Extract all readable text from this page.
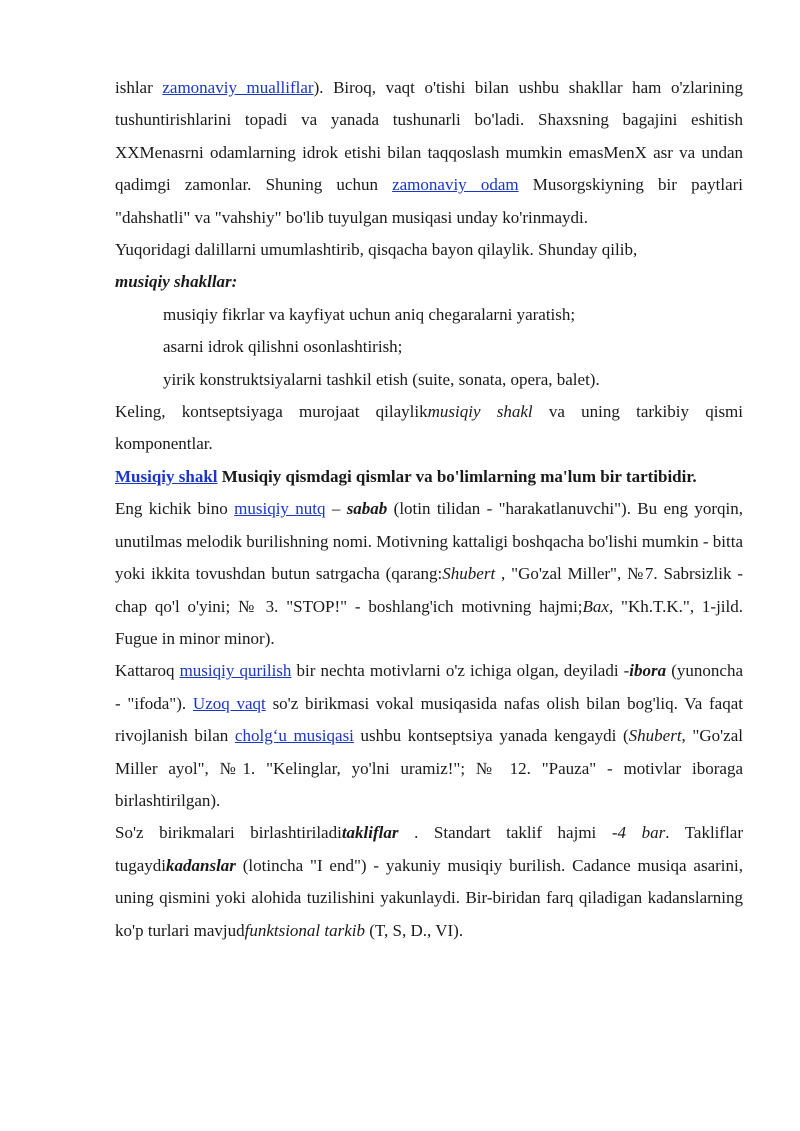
ishlar zamonaviy mualliflar). Biroq, vaqt o'tishi bilan ushbu shakllar ham o'zlarining tushuntirishlarini topadi va yanada tushunarli bo'ladi. Shaxsning bagajini eshitish XXMenasrni odamlarning idrok etishi bilan taqqoslash mumkin emasMenX asr va undan qadimgi zamonlar. Shuning uchun zamonaviy odam Musorgskiyning bir paytlari "dahshatli" va "vahshiy" bo'lib tuyulgan musiqasi unday ko'rinmaydi.

Yuqoridagi dalillarni umumlashtirib, qisqacha bayon qilaylik. Shunday qilib,

musiqiy shakllar:

musiqiy fikrlar va kayfiyat uchun aniq chegaralarni yaratish;

asarni idrok qilishni osonlashtirish;

yirik konstruktsiyalarni tashkil etish (suite, sonata, opera, balet).

Keling, kontseptsiyaga murojaat qilaylikmusiqiy shakl va uning tarkibiy qismi komponentlar.

Musiqiy shakl Musiqiy qismdagi qismlar va bo'limlarning ma'lum bir tartibidir.

Eng kichik bino musiqiy nutq – sabab (lotin tilidan - "harakatlanuvchi"). Bu eng yorqin, unutilmas melodik burilishning nomi. Motivning kattaligi boshqacha bo'lishi mumkin - bitta yoki ikkita tovushdan butun satrgacha (qarang:Shubert , "Go'zal Miller", №7. Sabrsizlik - chap qo'l o'yini; № 3. "STOP!" - boshlang'ich motivning hajmi;Bax, "Kh.T.K.", 1-jild. Fugue in minor minor).

Kattaroq musiqiy qurilish bir nechta motivlarni o'z ichiga olgan, deyiladi -ibora (yunoncha - "ifoda"). Uzoq vaqt so'z birikmasi vokal musiqasida nafas olish bilan bog'liq. Va faqat rivojlanish bilan cholg‘u musiqasi ushbu kontseptsiya yanada kengaydi (Shubert, "Go'zal Miller ayol", №1. "Kelinglar, yo'lni uramiz!"; № 12. "Pauza" - motivlar iboraga birlashtirilgan).

So'z birikmalari birlashtiriladitakliflar . Standart taklif hajmi -4 bar. Takliflar tugaydikadanslar (lotincha "I end") - yakuniy musiqiy burilish. Cadance musiqa asarini, uning qismini yoki alohida tuzilishini yakunlaydi. Bir-biridan farq qiladigan kadanslarning ko'p turlari mavjudfunktsional tarkib (T, S, D., VI).
